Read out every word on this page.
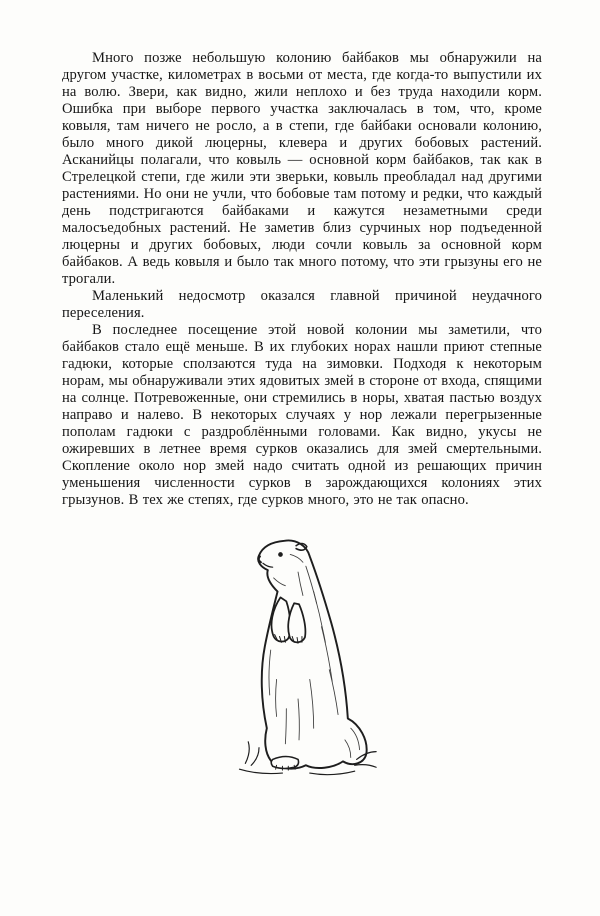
Много позже небольшую колонию байбаков мы обнаружили на другом участке, километрах в восьми от места, где когда-то выпустили их на волю. Звери, как видно, жили неплохо и без труда находили корм. Ошибка при выборе первого участка заключалась в том, что, кроме ковыля, там ничего не росло, а в степи, где байбаки основали колонию, было много дикой люцерны, клевера и других бобовых растений. Асканийцы полагали, что ковыль — основной корм байбаков, так как в Стрелецкой степи, где жили эти зверьки, ковыль преобладал над другими растениями. Но они не учли, что бобовые там потому и редки, что каждый день подстригаются байбаками и кажутся незаметными среди малосъедобных растений. Не заметив близ сурчиных нор подъеденной люцерны и других бобовых, люди сочли ковыль за основной корм байбаков. А ведь ковыля и было так много потому, что эти грызуны его не трогали.

Маленький недосмотр оказался главной причиной неудачного переселения.

В последнее посещение этой новой колонии мы заметили, что байбаков стало ещё меньше. В их глубоких норах нашли приют степные гадюки, которые сползаются туда на зимовки. Подходя к некоторым норам, мы обнаруживали этих ядовитых змей в стороне от входа, спящими на солнце. Потревоженные, они стремились в норы, хватая пастью воздух направо и налево. В некоторых случаях у нор лежали перегрызенные пополам гадюки с раздроблёнными головами. Как видно, укусы не ожиревших в летнее время сурков оказались для змей смертельными. Скопление около нор змей надо считать одной из решающих причин уменьшения численности сурков в зарождающихся колониях этих грызунов. В тех же степях, где сурков много, это не так опасно.
